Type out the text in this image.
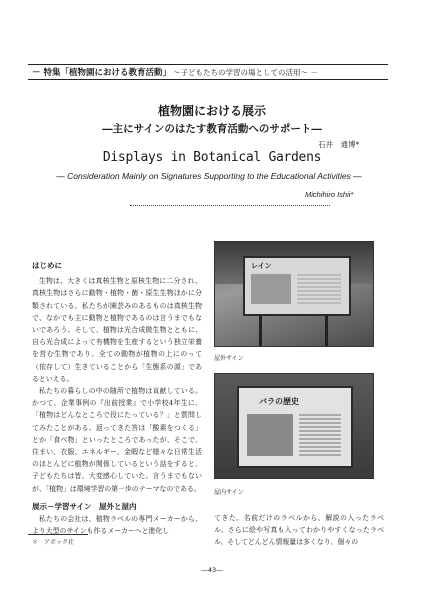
－ 特集「植物園における教育活動」 ～子どもたちの学習の場としての活用～ －
植物園における展示
―主にサインのはたす教育活動へのサポート―
石井　通博*
Displays in Botanical Gardens
― Consideration Mainly on Signatures Supporting to the Educational Activities ―
Michihiro Ishii*
はじめに

生物は、大きくは真核生物と原核生物に二分され、真核生物はさらに動物・植物・菌・原生生物ほかに分類されている。私たちが園芸みのあるものは真核生物で、なかでも主に動物と植物であるのは言うまでもないであろう。そして、植物は光合成微生物とともに、自ら光合成によって有機物を生産するという独立栄養を営む生物であり、全ての動物が植物の上にのって（依存して）生きていることから「生態系の源」であるといえる。

私たちの暮らしの中の随所で植物は貢献している。かつて、企業事例の『出前授業』で小学校4年生に、「植物はどんなところで役にたっている？」と質問してみたことがある。返ってきた答は「酸素をつくる」とか「食べ物」といったところであったが、そこで、住まい、衣服、エネルギー、金暇など様々な日常生活のほとんどに植物が関係しているという話をすると、子どもたちは皆、大変感心していた。言うまでもないが、「植物」は環境学習の第一歩のテーマなのである。

展示－学習サイン　屋外と屋内

私たちの会社は、植物ラベルの専門メーカーから、より大型のサインも作るメーカーへと進化し

レイン
屋外サイン
バラの歴史
屋内サイン

てきた。名前だけのラベルから、解説の入ったラベル、さらに絵や写真も入ってわかりやすくなったラベル、そしてどんどん情報量は多くなり、個々の

＊　アボック社
―43―
